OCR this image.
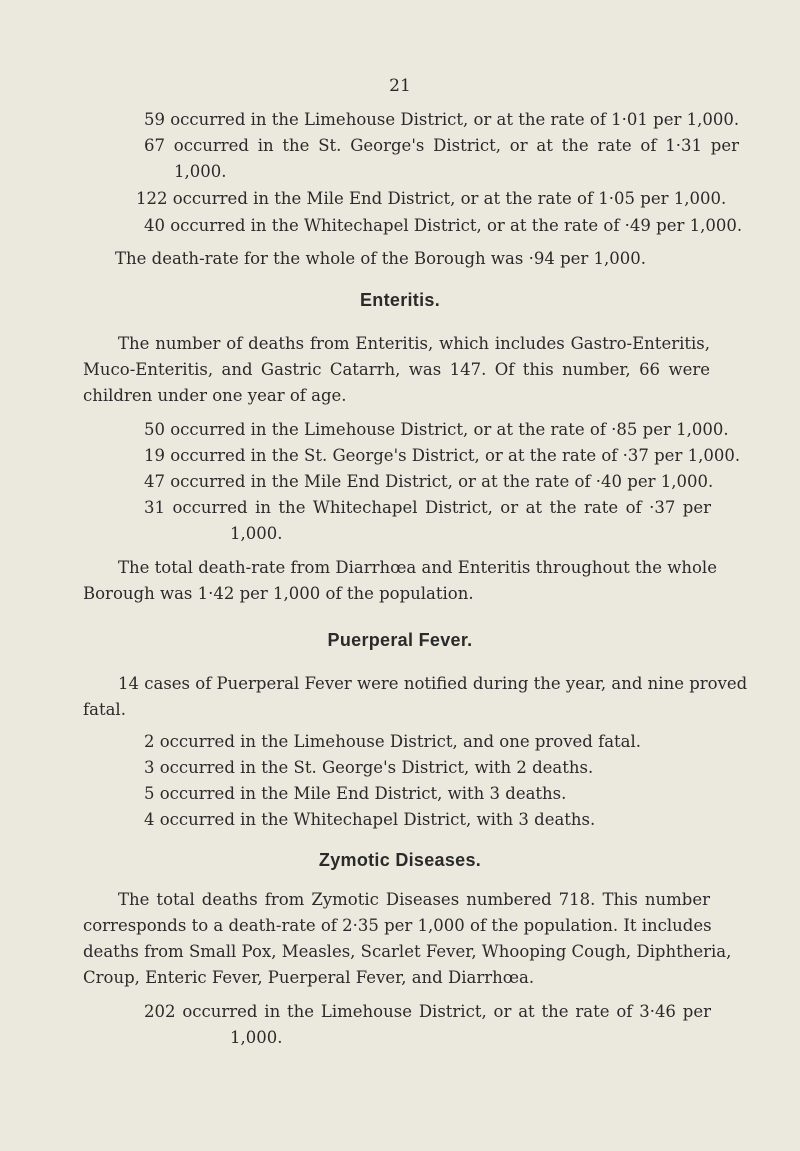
21
59 occurred in the Limehouse District, or at the rate of 1·01 per 1,000.
67 occurred in the St. George's District, or at the rate of 1·31 per
1,000.
122 occurred in the Mile End District, or at the rate of 1·05 per 1,000.
40 occurred in the Whitechapel District, or at the rate of ·49 per 1,000.
The death-rate for the whole of the Borough was ·94 per 1,000.
Enteritis.
The number of deaths from Enteritis, which includes Gastro-Enteritis,
Muco-Enteritis, and Gastric Catarrh, was 147. Of this number, 66 were
children under one year of age.
50 occurred in the Limehouse District, or at the rate of ·85 per 1,000.
19 occurred in the St. George's District, or at the rate of ·37 per 1,000.
47 occurred in the Mile End District, or at the rate of ·40 per 1,000.
31 occurred in the Whitechapel District, or at the rate of ·37 per
1,000.
The total death-rate from Diarrhœa and Enteritis throughout the whole
Borough was 1·42 per 1,000 of the population.
Puerperal Fever.
14 cases of Puerperal Fever were notified during the year, and nine proved
fatal.
2 occurred in the Limehouse District, and one proved fatal.
3 occurred in the St. George's District, with 2 deaths.
5 occurred in the Mile End District, with 3 deaths.
4 occurred in the Whitechapel District, with 3 deaths.
Zymotic Diseases.
The total deaths from Zymotic Diseases numbered 718. This number
corresponds to a death-rate of 2·35 per 1,000 of the population. It includes
deaths from Small Pox, Measles, Scarlet Fever, Whooping Cough, Diphtheria,
Croup, Enteric Fever, Puerperal Fever, and Diarrhœa.
202 occurred in the Limehouse District, or at the rate of 3·46 per
1,000.
